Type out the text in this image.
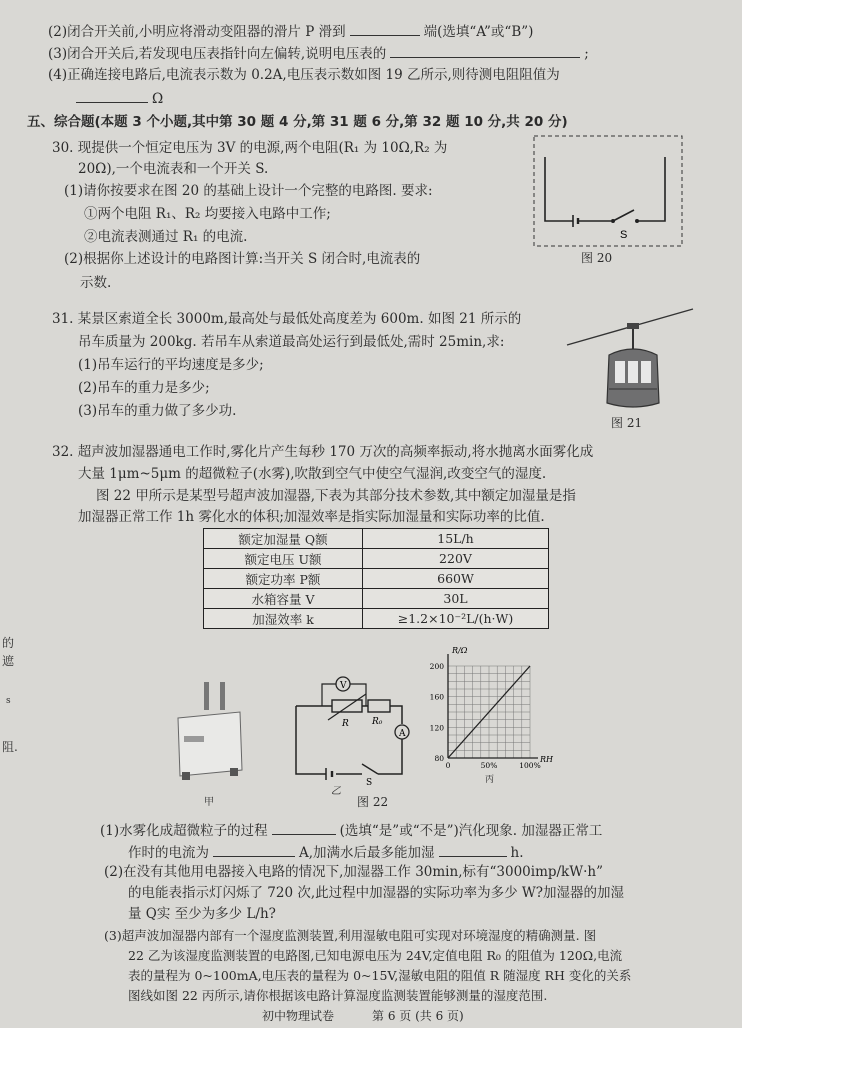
(2)闭合开关前,小明应将滑动变阻器的滑片 P 滑到	端(选填“A”或“B”)
(3)闭合开关后,若发现电压表指针向左偏转,说明电压表的	;
(4)正确连接电路后,电流表示数为 0.2A,电压表示数如图 19 乙所示,则待测电阻阻值为
Ω
五、综合题(本题 3 个小题,其中第 30 题 4 分,第 31 题 6 分,第 32 题 10 分,共 20 分)
30. 现提供一个恒定电压为 3V 的电源,两个电阻(R₁ 为 10Ω,R₂ 为
20Ω),一个电流表和一个开关 S.
(1)请你按要求在图 20 的基础上设计一个完整的电路图. 要求:
①两个电阻 R₁、R₂ 均要接入电路中工作;
②电流表测通过 R₁ 的电流.
(2)根据你上述设计的电路图计算:当开关 S 闭合时,电流表的
示数.
S
图 20
31. 某景区索道全长 3000m,最高处与最低处高度差为 600m. 如图 21 所示的
吊车质量为 200kg. 若吊车从索道最高处运行到最低处,需时 25min,求:
(1)吊车运行的平均速度是多少;
(2)吊车的重力是多少;
(3)吊车的重力做了多少功.
图 21
32. 超声波加湿器通电工作时,雾化片产生每秒 170 万次的高频率振动,将水抛离水面雾化成
大量 1μm~5μm 的超微粒子(水雾),吹散到空气中使空气湿润,改变空气的湿度.
图 22 甲所示是某型号超声波加湿器,下表为其部分技术参数,其中额定加湿量是指
加湿器正常工作 1h 雾化水的体积;加湿效率是指实际加湿量和实际功率的比值.
额定加湿量 Q额	15L/h
额定电压 U额	220V
额定功率 P额	660W
水箱容量 V	30L
加湿效率 k	≥1.2×10⁻²L/(h·W)
甲
R	R₀
A
S
V
乙
图 22
R/Ω
RH
80
120
160
200
0	50%	100%
丙
(1)水雾化成超微粒子的过程	(选填“是”或“不是”)汽化现象. 加湿器正常工
作时的电流为	A,加满水后最多能加湿	h.
(2)在没有其他用电器接入电路的情况下,加湿器工作 30min,标有“3000imp/kW·h”
的电能表指示灯闪烁了 720 次,此过程中加湿器的实际功率为多少 W?加湿器的加湿
量 Q实 至少为多少 L/h?
(3)超声波加湿器内部有一个湿度监测装置,利用湿敏电阻可实现对环境湿度的精确测量. 图
22 乙为该湿度监测装置的电路图,已知电源电压为 24V,定值电阻 R₀ 的阻值为 120Ω,电流
表的量程为 0~100mA,电压表的量程为 0~15V,湿敏电阻的阻值 R 随湿度 RH 变化的关系
图线如图 22 丙所示,请你根据该电路计算湿度监测装置能够测量的湿度范围.
初中物理试卷	第 6 页 (共 6 页)
的
遮
s
阻.
